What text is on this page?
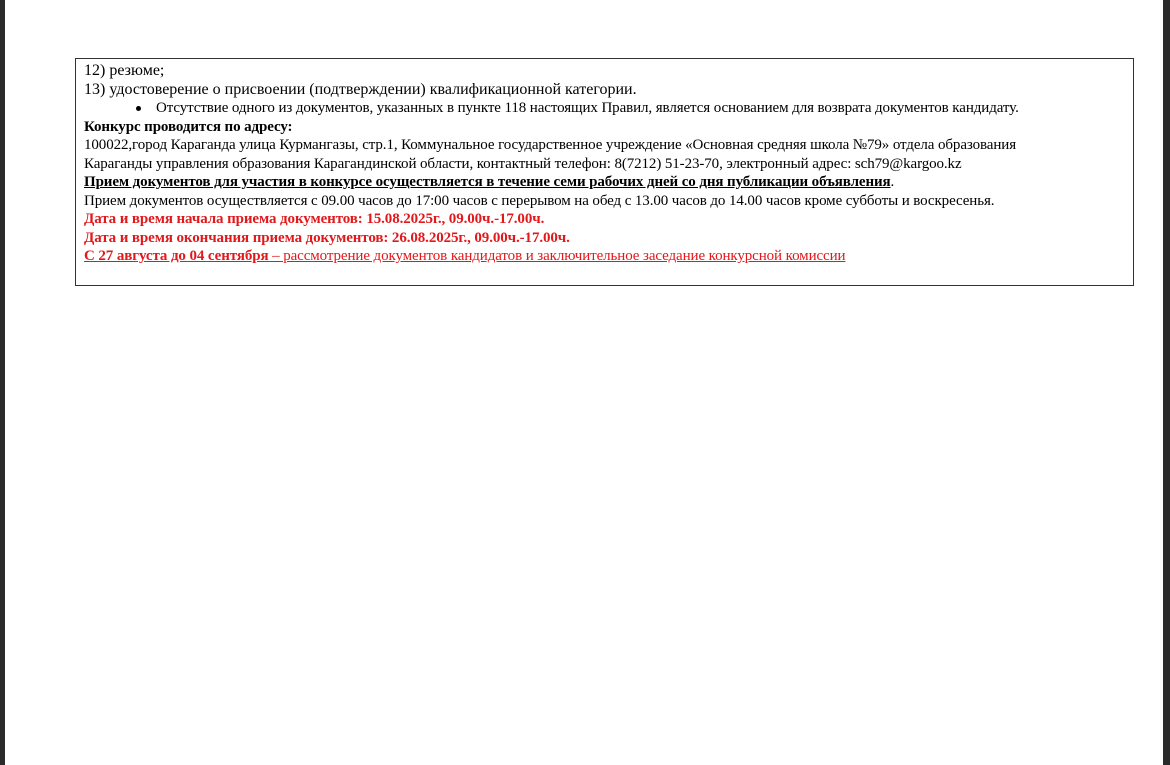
12) резюме;
13) удостоверение о присвоении (подтверждении) квалификационной категории.
Отсутствие одного из документов, указанных в пункте 118 настоящих Правил, является основанием для возврата документов кандидату.
Конкурс проводится по адресу:
100022,город Караганда улица Курмангазы, стр.1, Коммунальное государственное учреждение «Основная средняя школа №79» отдела образования
Караганды управления образования Карагандинской области, контактный телефон: 8(7212) 51-23-70, электронный адрес: sch79@kargoo.kz
Прием документов для участия в конкурсе осуществляется в течение семи рабочих дней со дня публикации объявления.
Прием документов осуществляется с 09.00 часов до 17:00 часов с перерывом на обед с 13.00 часов до 14.00 часов кроме субботы и воскресенья.
Дата и время начала приема документов: 15.08.2025г., 09.00ч.-17.00ч.
Дата и время окончания приема документов: 26.08.2025г., 09.00ч.-17.00ч.
С 27 августа до 04 сентября – рассмотрение документов кандидатов и заключительное заседание конкурсной комиссии
